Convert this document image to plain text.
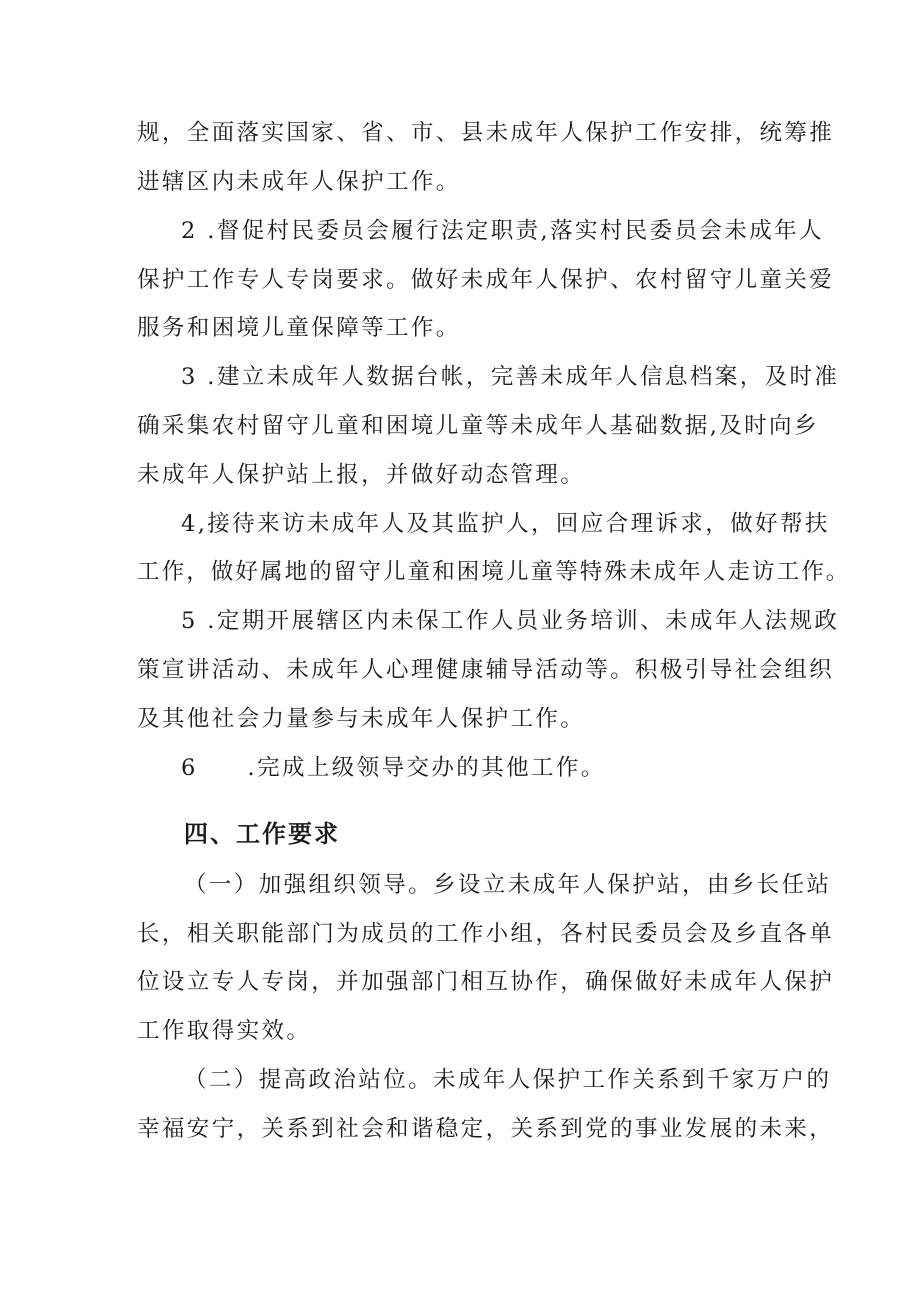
规，全面落实国家、省、市、县未成年人保护工作安排，统筹推
进辖区内未成年人保护工作。
2 .督促村民委员会履行法定职责,落实村民委员会未成年人
保护工作专人专岗要求。做好未成年人保护、农村留守儿童关爱
服务和困境儿童保障等工作。
3 .建立未成年人数据台帐，完善未成年人信息档案，及时准
确采集农村留守儿童和困境儿童等未成年人基础数据,及时向乡
未成年人保护站上报，并做好动态管理。
4,接待来访未成年人及其监护人，回应合理诉求，做好帮扶
工作，做好属地的留守儿童和困境儿童等特殊未成年人走访工作。
5 .定期开展辖区内未保工作人员业务培训、未成年人法规政
策宣讲活动、未成年人心理健康辅导活动等。积极引导社会组织
及其他社会力量参与未成年人保护工作。
6　　.完成上级领导交办的其他工作。
四、工作要求
（一）加强组织领导。乡设立未成年人保护站，由乡长任站
长，相关职能部门为成员的工作小组，各村民委员会及乡直各单
位设立专人专岗，并加强部门相互协作，确保做好未成年人保护
工作取得实效。
（二）提高政治站位。未成年人保护工作关系到千家万户的
幸福安宁，关系到社会和谐稳定，关系到党的事业发展的未来，
